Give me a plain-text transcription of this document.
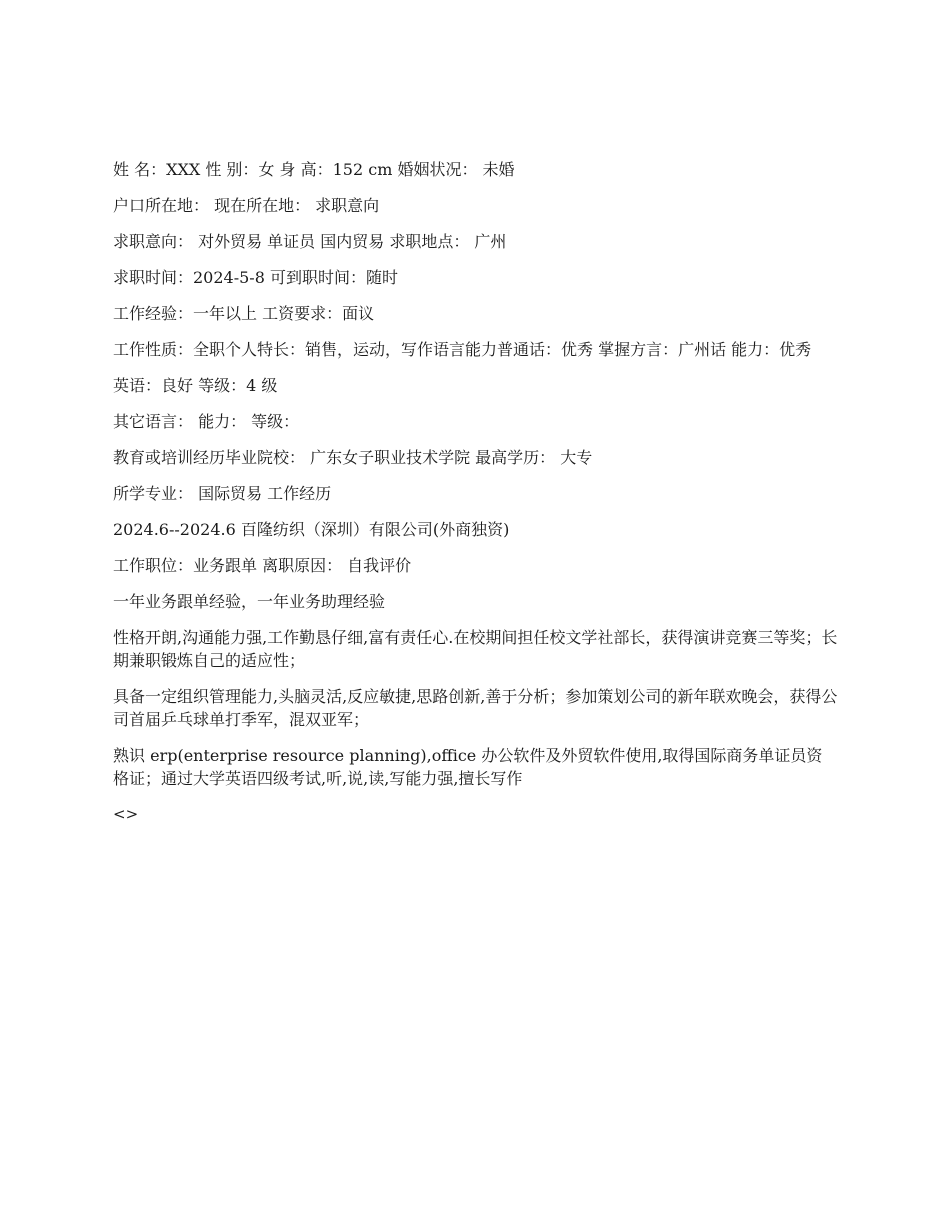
姓 名：XXX 性 别：女 身 高：152 cm 婚姻状况： 未婚

户口所在地： 现在所在地： 求职意向

求职意向： 对外贸易 单证员 国内贸易 求职地点： 广州

求职时间：2024-5-8 可到职时间：随时

工作经验：一年以上 工资要求：面议

工作性质：全职个人特长：销售，运动，写作语言能力普通话：优秀 掌握方言：广州话 能力：优秀

英语：良好 等级：4 级

其它语言： 能力： 等级：

教育或培训经历毕业院校： 广东女子职业技术学院 最高学历： 大专

所学专业： 国际贸易 工作经历

2024.6--2024.6 百隆纺织（深圳）有限公司(外商独资)

工作职位：业务跟单 离职原因： 自我评价

一年业务跟单经验，一年业务助理经验

性格开朗,沟通能力强,工作勤恳仔细,富有责任心.在校期间担任校文学社部长，获得演讲竞赛三等奖；长期兼职锻炼自己的适应性；

具备一定组织管理能力,头脑灵活,反应敏捷,思路创新,善于分析；参加策划公司的新年联欢晚会，获得公司首届乒乓球单打季军，混双亚军；

熟识 erp(enterprise resource planning),office 办公软件及外贸软件使用,取得国际商务单证员资格证；通过大学英语四级考试,听,说,读,写能力强,擅长写作

<>
